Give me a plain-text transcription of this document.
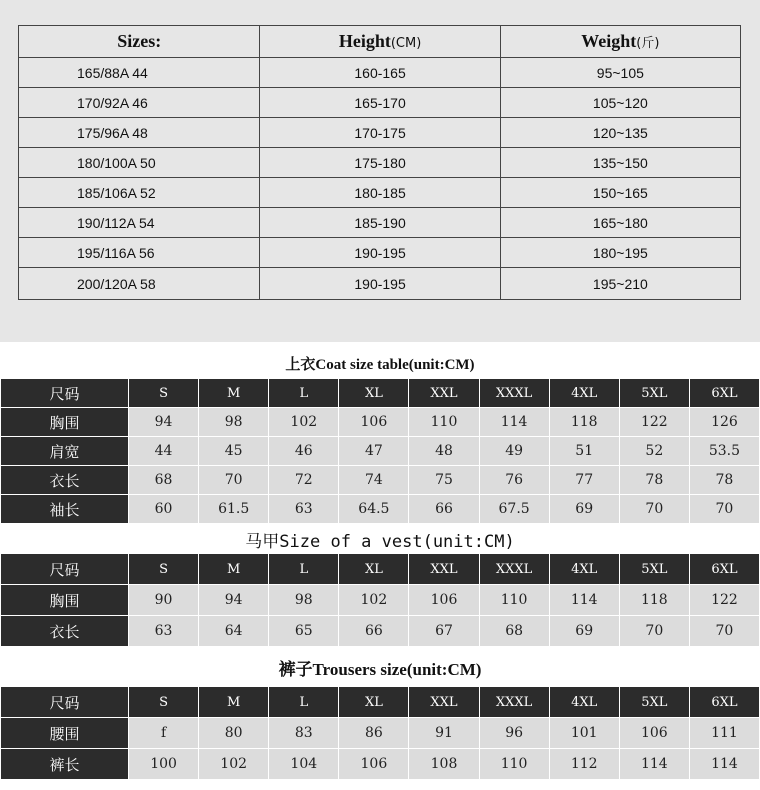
Sizes:	Height(CM)	Weight(斤)
165/88A 44	160-165	95~105
170/92A 46	165-170	105~120
175/96A 48	170-175	120~135
180/100A 50	175-180	135~150
185/106A 52	180-185	150~165
190/112A 54	185-190	165~180
195/116A 56	190-195	180~195
200/120A 58	190-195	195~210
上衣Coat size table(unit:CM)
尺码	S	M	L	XL	XXL	XXXL	4XL	5XL	6XL
胸围	94	98	102	106	110	114	118	122	126
肩宽	44	45	46	47	48	49	51	52	53.5
衣长	68	70	72	74	75	76	77	78	78
袖长	60	61.5	63	64.5	66	67.5	69	70	70
马甲Size of a vest(unit:CM)
尺码	S	M	L	XL	XXL	XXXL	4XL	5XL	6XL
胸围	90	94	98	102	106	110	114	118	122
衣长	63	64	65	66	67	68	69	70	70
裤子Trousers size(unit:CM)
尺码	S	M	L	XL	XXL	XXXL	4XL	5XL	6XL
腰围	f	80	83	86	91	96	101	106	111
裤长	100	102	104	106	108	110	112	114	114
